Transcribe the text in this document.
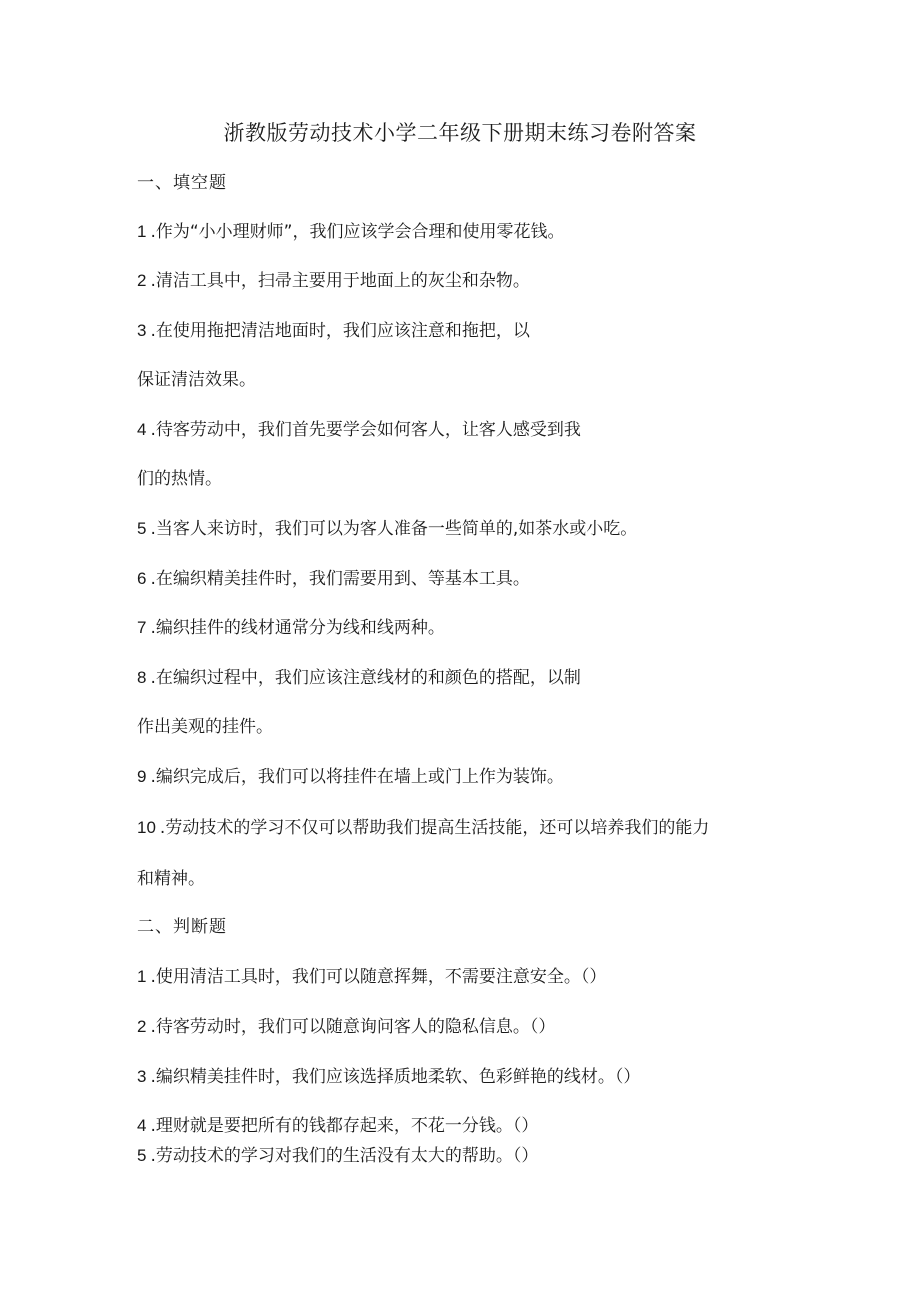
浙教版劳动技术小学二年级下册期末练习卷附答案
一、填空题
1 .作为“小小理财师”，我们应该学会合理和使用零花钱。
2 .清洁工具中，扫帚主要用于地面上的灰尘和杂物。
3 .在使用拖把清洁地面时，我们应该注意和拖把，以
保证清洁效果。
4 .待客劳动中，我们首先要学会如何客人，让客人感受到我
们的热情。
5 .当客人来访时，我们可以为客人准备一些简单的,如茶水或小吃。
6 .在编织精美挂件时，我们需要用到、等基本工具。
7 .编织挂件的线材通常分为线和线两种。
8 .在编织过程中，我们应该注意线材的和颜色的搭配，以制
作出美观的挂件。
9 .编织完成后，我们可以将挂件在墙上或门上作为装饰。
10 .劳动技术的学习不仅可以帮助我们提高生活技能，还可以培养我们的能力
和精神。
二、判断题
1 .使用清洁工具时，我们可以随意挥舞，不需要注意安全。（）
2 .待客劳动时，我们可以随意询问客人的隐私信息。（）
3 .编织精美挂件时，我们应该选择质地柔软、色彩鲜艳的线材。（）
4 .理财就是要把所有的钱都存起来，不花一分钱。（）
5 .劳动技术的学习对我们的生活没有太大的帮助。（）
